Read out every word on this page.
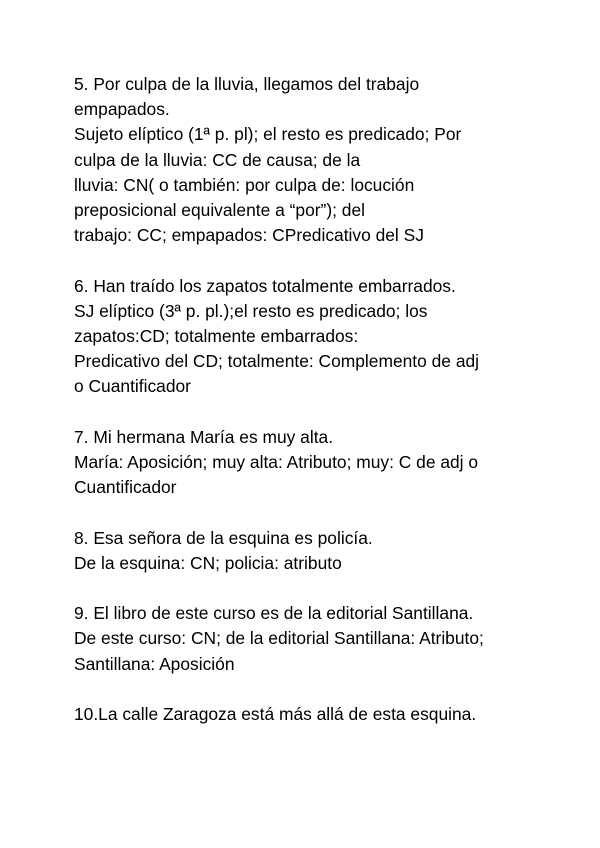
5. Por culpa de la lluvia, llegamos del trabajo
empapados.
Sujeto elíptico (1ª p. pl); el resto es predicado; Por
culpa de la lluvia: CC de causa; de la
lluvia: CN( o también: por culpa de: locución
preposicional equivalente a “por”); del
trabajo: CC; empapados: CPredicativo del SJ
6. Han traído los zapatos totalmente embarrados.
SJ elíptico (3ª p. pl.);el resto es predicado; los
zapatos:CD; totalmente embarrados:
Predicativo del CD; totalmente: Complemento de adj
o Cuantificador
7. Mi hermana María es muy alta.
María: Aposición; muy alta: Atributo; muy: C de adj o
Cuantificador
8. Esa señora de la esquina es policía.
De la esquina: CN; policia: atributo
9. El libro de este curso es de la editorial Santillana.
De este curso: CN; de la editorial Santillana: Atributo;
Santillana: Aposición
10.La calle Zaragoza está más allá de esta esquina.
